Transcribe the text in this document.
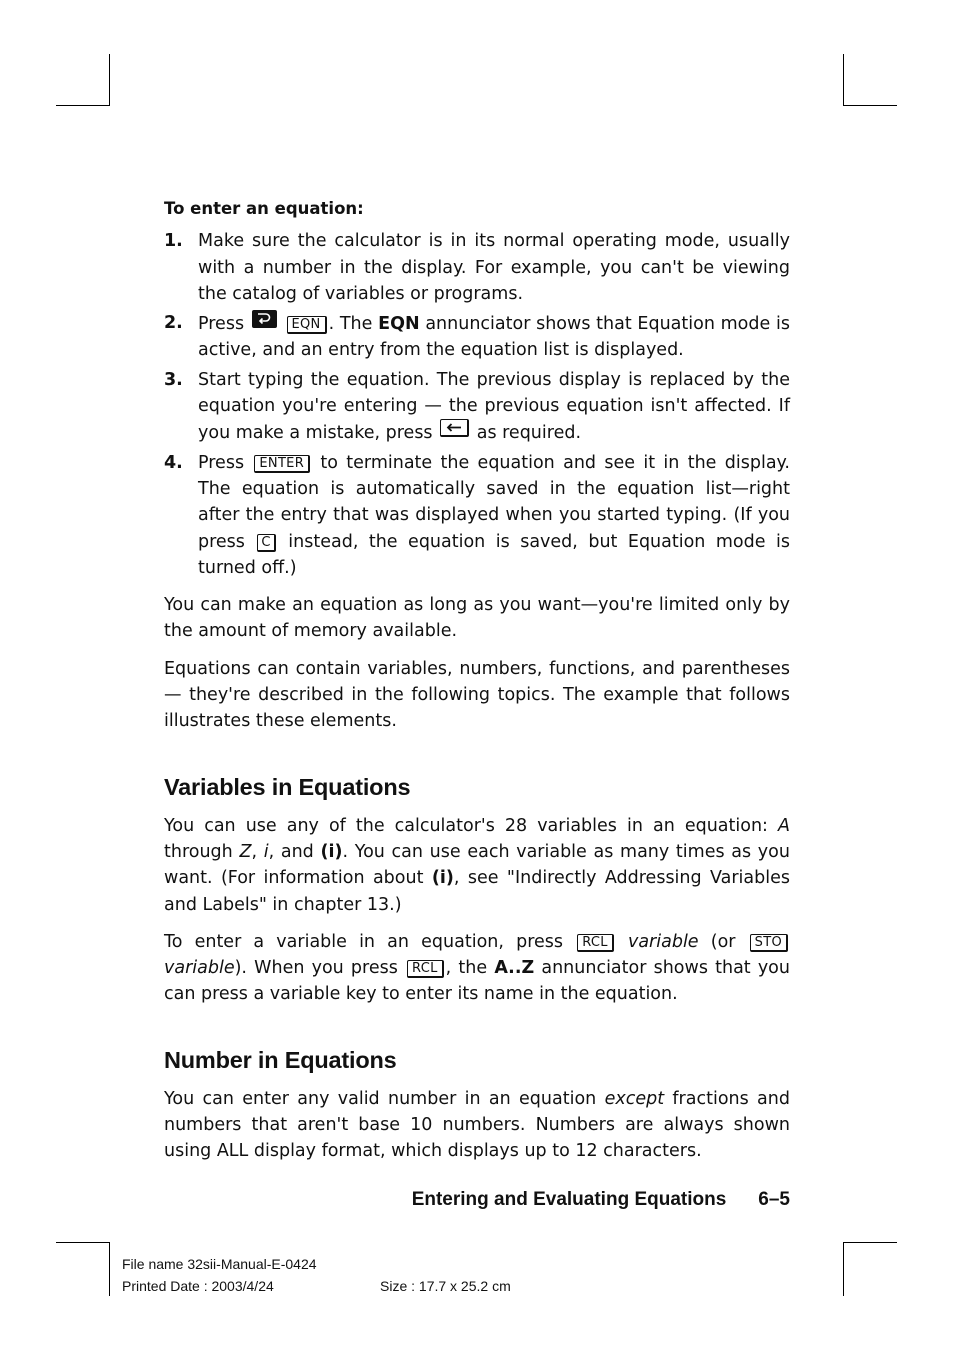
To enter an equation:
1. Make sure the calculator is in its normal operating mode, usually with a number in the display. For example, you can't be viewing the catalog of variables or programs.
2. Press	EQN . The EQN annunciator shows that Equation mode is active, and an entry from the equation list is displayed.
3. Start typing the equation. The previous display is replaced by the equation you're entering — the previous equation isn't affected. If you make a mistake, press	as required.
4. Press ENTER to terminate the equation and see it in the display. The equation is automatically saved in the equation list—right after the entry that was displayed when you started typing. (If you press C instead, the equation is saved, but Equation mode is turned off.)

You can make an equation as long as you want—you're limited only by the amount of memory available.

Equations can contain variables, numbers, functions, and parentheses — they're described in the following topics. The example that follows illustrates these elements.

Variables in Equations

You can use any of the calculator's 28 variables in an equation: A through Z, i, and (i). You can use each variable as many times as you want. (For information about (i), see "Indirectly Addressing Variables and Labels" in chapter 13.)

To enter a variable in an equation, press RCL variable (or STO variable). When you press RCL , the A..Z annunciator shows that you can press a variable key to enter its name in the equation.

Number in Equations

You can enter any valid number in an equation except fractions and numbers that aren't base 10 numbers. Numbers are always shown using ALL display format, which displays up to 12 characters.

Entering and Evaluating Equations 6–5
File name 32sii-Manual-E-0424
Printed Date : 2003/4/24	Size : 17.7 x 25.2 cm
